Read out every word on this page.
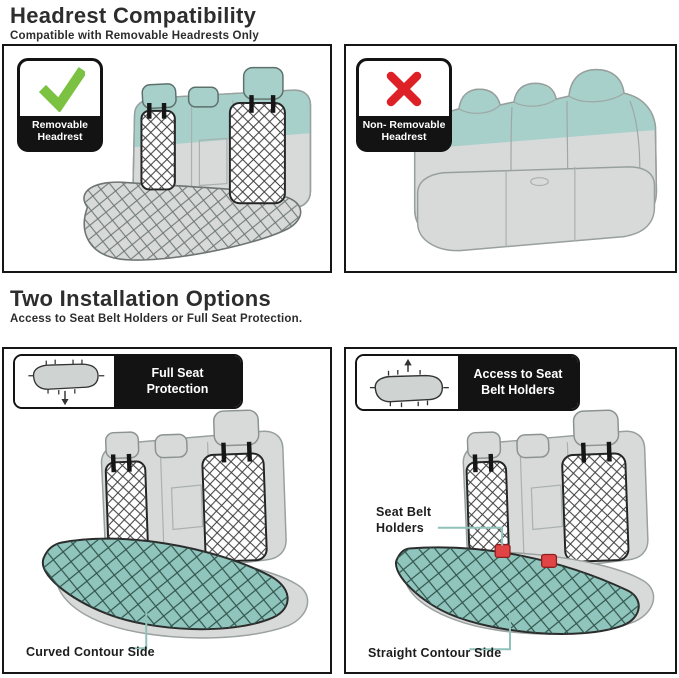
Headrest Compatibility
Compatible with Removable Headrests Only
Removable
Headrest
Non- Removable
Headrest
Two Installation Options
Access to Seat Belt Holders or Full Seat Protection.
Full Seat Protection
Curved Contour Side
Access to Seat
Belt Holders
Seat Belt
Holders
Straight Contour Side
